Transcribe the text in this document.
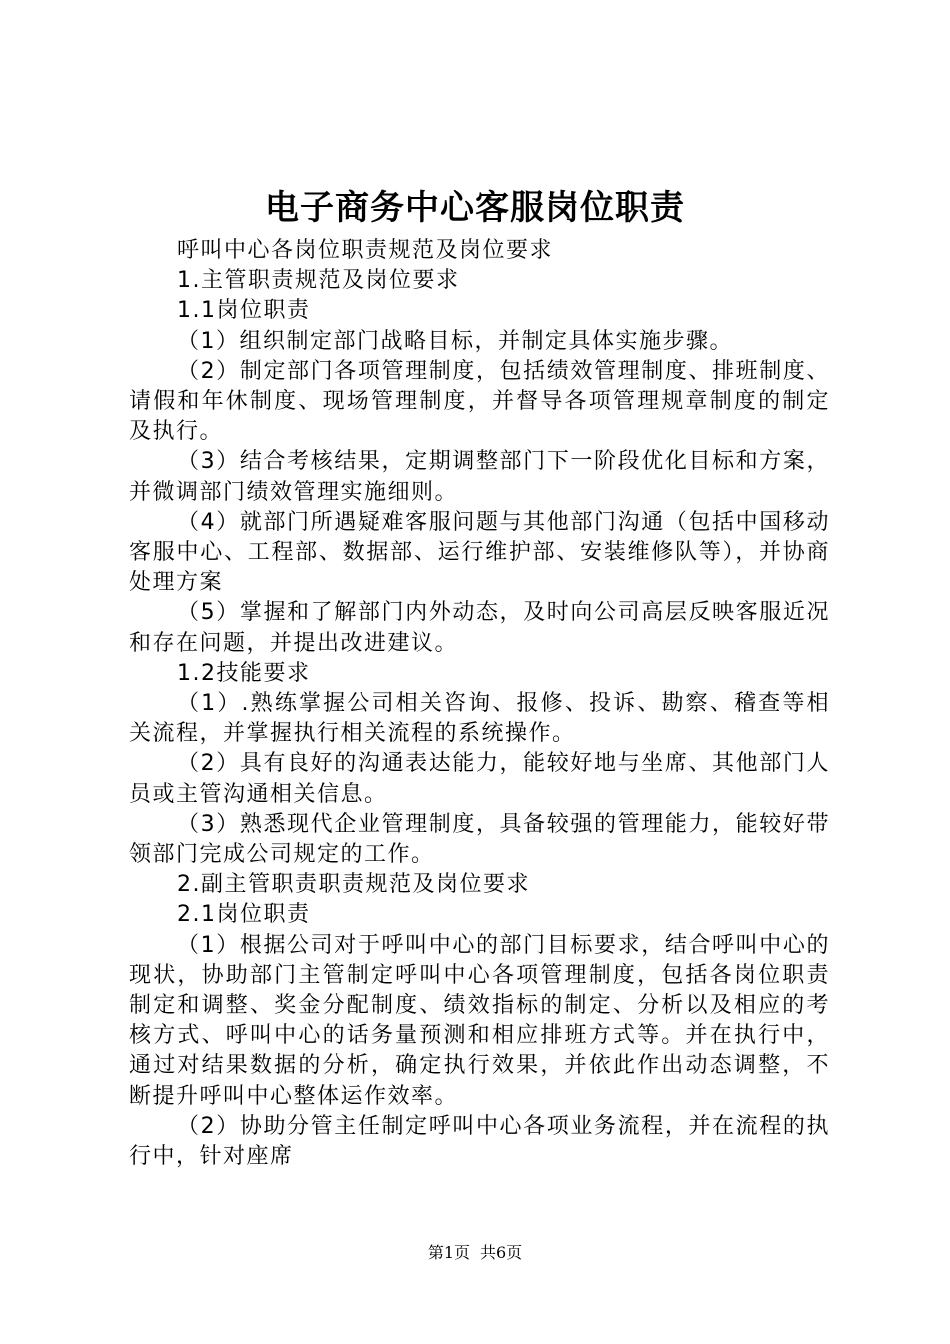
电子商务中心客服岗位职责

呼叫中心各岗位职责规范及岗位要求

1.主管职责规范及岗位要求

1.1岗位职责

（1）组织制定部门战略目标，并制定具体实施步骤。

（2）制定部门各项管理制度，包括绩效管理制度、排班制度、请假和年休制度、现场管理制度，并督导各项管理规章制度的制定及执行。

（3）结合考核结果，定期调整部门下一阶段优化目标和方案，并微调部门绩效管理实施细则。

（4）就部门所遇疑难客服问题与其他部门沟通（包括中国移动客服中心、工程部、数据部、运行维护部、安装维修队等），并协商处理方案

（5）掌握和了解部门内外动态，及时向公司高层反映客服近况和存在问题，并提出改进建议。

1.2技能要求

（1）.熟练掌握公司相关咨询、报修、投诉、勘察、稽查等相关流程，并掌握执行相关流程的系统操作。

（2）具有良好的沟通表达能力，能较好地与坐席、其他部门人员或主管沟通相关信息。

（3）熟悉现代企业管理制度，具备较强的管理能力，能较好带领部门完成公司规定的工作。

2.副主管职责职责规范及岗位要求

2.1岗位职责

（1）根据公司对于呼叫中心的部门目标要求，结合呼叫中心的现状，协助部门主管制定呼叫中心各项管理制度，包括各岗位职责制定和调整、奖金分配制度、绩效指标的制定、分析以及相应的考核方式、呼叫中心的话务量预测和相应排班方式等。并在执行中，通过对结果数据的分析，确定执行效果，并依此作出动态调整，不断提升呼叫中心整体运作效率。

（2）协助分管主任制定呼叫中心各项业务流程，并在流程的执行中，针对座席

第1页 共6页
